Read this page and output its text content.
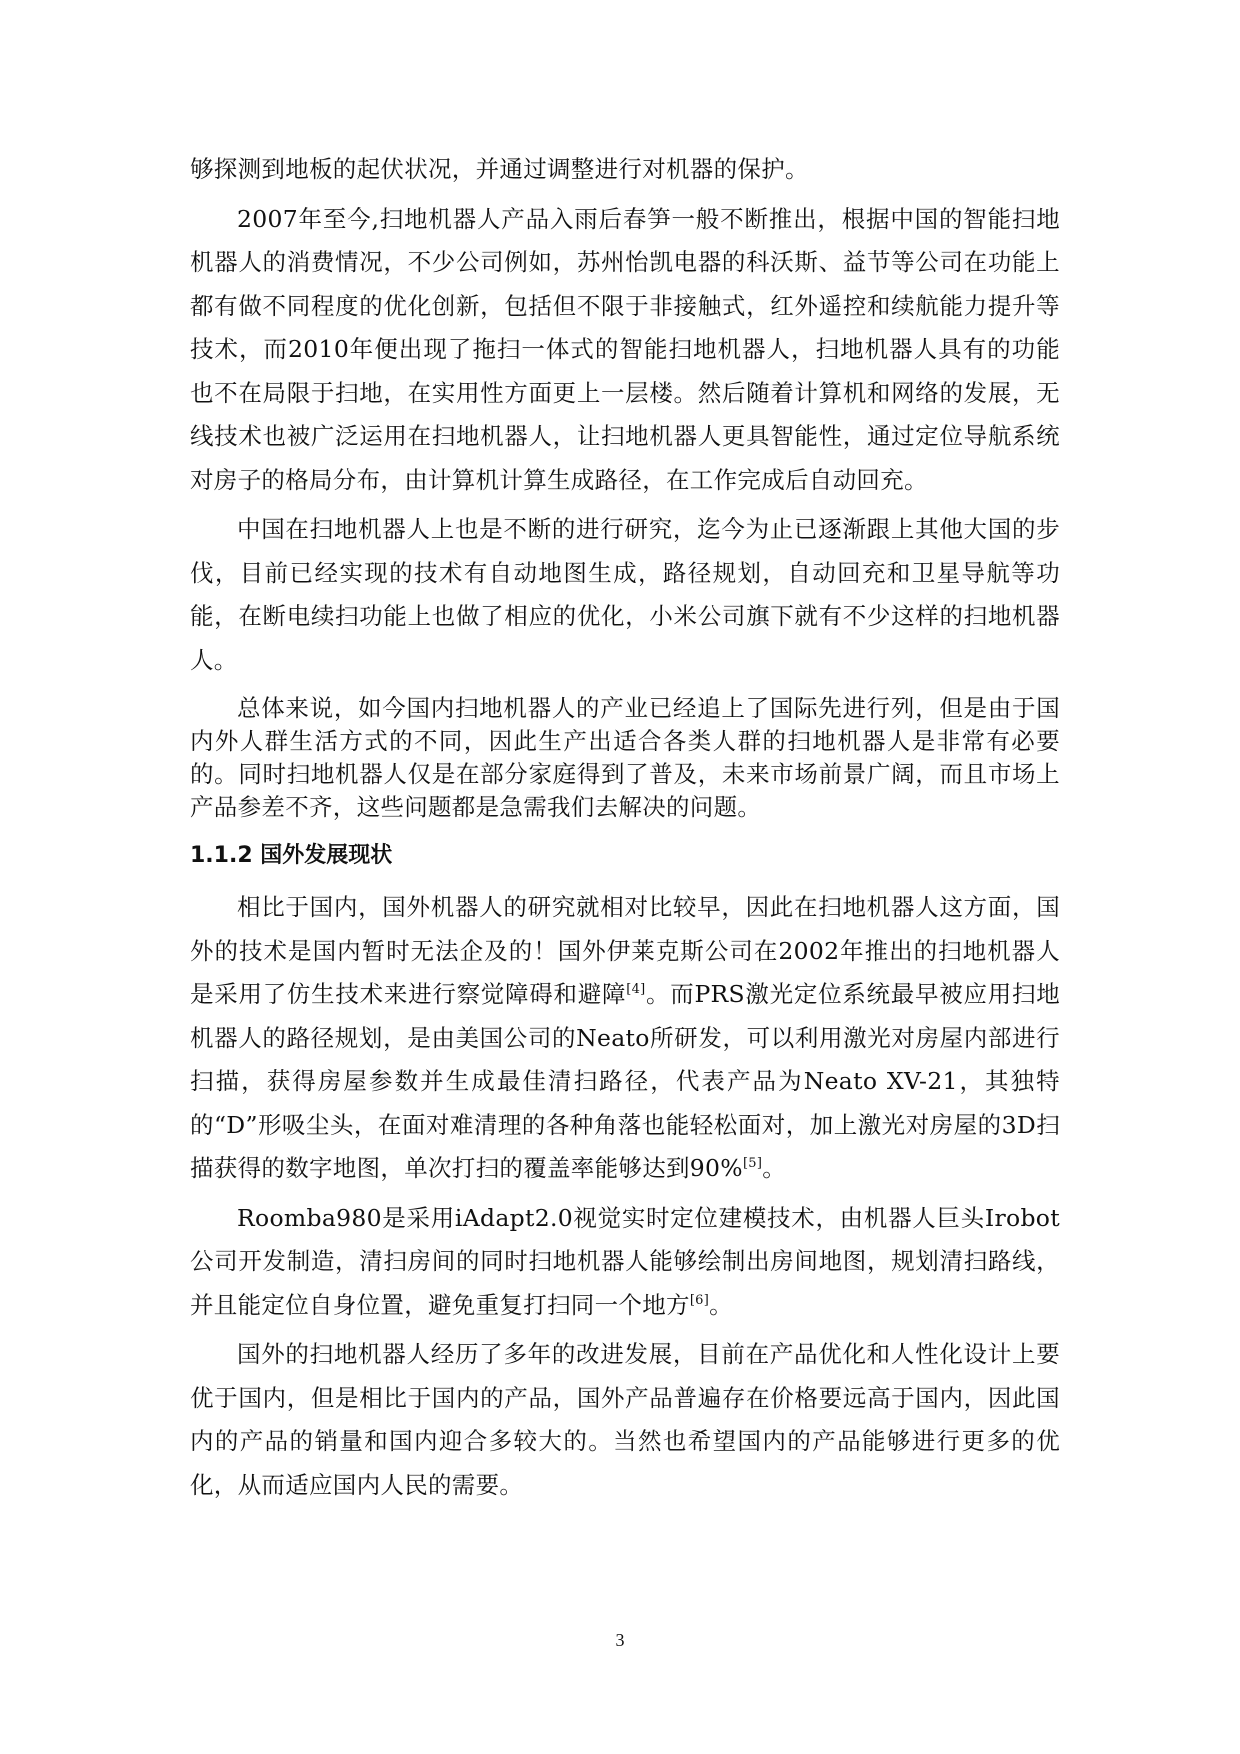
够探测到地板的起伏状况，并通过调整进行对机器的保护。

2007年至今,扫地机器人产品入雨后春笋一般不断推出，根据中国的智能扫地机器人的消费情况，不少公司例如，苏州怡凯电器的科沃斯、益节等公司在功能上都有做不同程度的优化创新，包括但不限于非接触式，红外遥控和续航能力提升等技术，而2010年便出现了拖扫一体式的智能扫地机器人，扫地机器人具有的功能也不在局限于扫地，在实用性方面更上一层楼。然后随着计算机和网络的发展，无线技术也被广泛运用在扫地机器人，让扫地机器人更具智能性，通过定位导航系统对房子的格局分布，由计算机计算生成路径，在工作完成后自动回充。

中国在扫地机器人上也是不断的进行研究，迄今为止已逐渐跟上其他大国的步伐，目前已经实现的技术有自动地图生成，路径规划，自动回充和卫星导航等功能，在断电续扫功能上也做了相应的优化，小米公司旗下就有不少这样的扫地机器人。

总体来说，如今国内扫地机器人的产业已经追上了国际先进行列，但是由于国内外人群生活方式的不同，因此生产出适合各类人群的扫地机器人是非常有必要的。同时扫地机器人仅是在部分家庭得到了普及，未来市场前景广阔，而且市场上产品参差不齐，这些问题都是急需我们去解决的问题。

1.1.2 国外发展现状

相比于国内，国外机器人的研究就相对比较早，因此在扫地机器人这方面，国外的技术是国内暂时无法企及的！国外伊莱克斯公司在2002年推出的扫地机器人是采用了仿生技术来进行察觉障碍和避障[4]。而PRS激光定位系统最早被应用扫地机器人的路径规划，是由美国公司的Neato所研发，可以利用激光对房屋内部进行扫描，获得房屋参数并生成最佳清扫路径，代表产品为Neato XV-21，其独特的“D”形吸尘头，在面对难清理的各种角落也能轻松面对，加上激光对房屋的3D扫描获得的数字地图，单次打扫的覆盖率能够达到90%[5]。

Roomba980是采用iAdapt2.0视觉实时定位建模技术，由机器人巨头Irobot公司开发制造，清扫房间的同时扫地机器人能够绘制出房间地图，规划清扫路线，并且能定位自身位置，避免重复打扫同一个地方[6]。

国外的扫地机器人经历了多年的改进发展，目前在产品优化和人性化设计上要优于国内，但是相比于国内的产品，国外产品普遍存在价格要远高于国内，因此国内的产品的销量和国内迎合多较大的。当然也希望国内的产品能够进行更多的优化，从而适应国内人民的需要。

3
